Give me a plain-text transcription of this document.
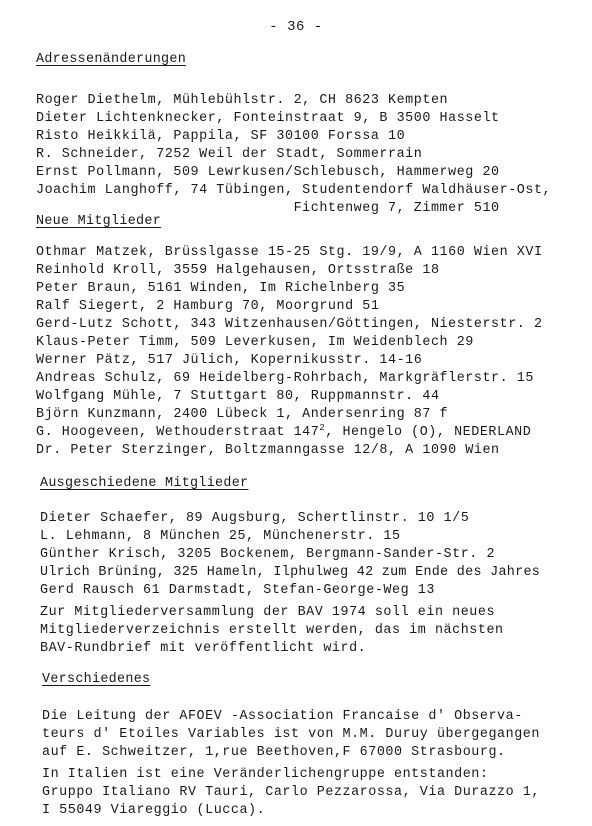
- 36 -
Adressenänderungen
Roger Diethelm, Mühlebühlstr. 2, CH 8623 Kempten
Dieter Lichtenknecker, Fonteinstraat 9, B 3500 Hasselt
Risto Heikkilä, Pappila, SF 30100 Forssa 10
R. Schneider, 7252 Weil der Stadt, Sommerrain
Ernst Pollmann, 509 Lewrkusen/Schlebusch, Hammerweg 20
Joachim Langhoff, 74 Tübingen, Studentendorf Waldhäuser-Ost,
Fichtenweg 7, Zimmer 510
Neue Mitglieder
Othmar Matzek, Brüsslgasse 15-25 Stg. 19/9, A 1160 Wien XVI
Reinhold Kroll, 3559 Halgehausen, Ortsstraße 18
Peter Braun, 5161 Winden, Im Richelnberg 35
Ralf Siegert, 2 Hamburg 70, Moorgrund 51
Gerd-Lutz Schott, 343 Witzenhausen/Göttingen, Niesterstr. 2
Klaus-Peter Timm, 509 Leverkusen, Im Weidenblech 29
Werner Pätz, 517 Jülich, Kopernikusstr. 14-16
Andreas Schulz, 69 Heidelberg-Rohrbach, Markgräflerstr. 15
Wolfgang Mühle, 7 Stuttgart 80, Ruppmannstr. 44
Björn Kunzmann, 2400 Lübeck 1, Andersenring 87 f
G. Hoogeveen, Wethouderstraat $147^2$, Hengelo (O), NEDERLAND
Dr. Peter Sterzinger, Boltzmanngasse 12/8, A 1090 Wien
Ausgeschiedene Mitglieder
Dieter Schaefer, 89 Augsburg, Schertlinstr. 10 1/5
L. Lehmann, 8 München 25, Münchenerstr. 15
Günther Krisch, 3205 Bockenem, Bergmann-Sander-Str. 2
Ulrich Brüning, 325 Hameln, Ilphulweg 42 zum Ende des Jahres
Gerd Rausch 61 Darmstadt, Stefan-George-Weg 13
Zur Mitgliederversammlung der BAV 1974 soll ein neues
Mitgliederverzeichnis erstellt werden, das im nächsten
BAV-Rundbrief mit veröffentlicht wird.
Verschiedenes
Die Leitung der AFOEV -Association Francaise d' Observa-
teurs d' Etoiles Variables ist von M.M. Duruy übergegangen
auf E. Schweitzer, 1,rue Beethoven,F 67000 Strasbourg.
In Italien ist eine Veränderlichengruppe entstanden:
Gruppo Italiano RV Tauri, Carlo Pezzarossa, Via Durazzo 1,
I 55049 Viareggio (Lucca).
